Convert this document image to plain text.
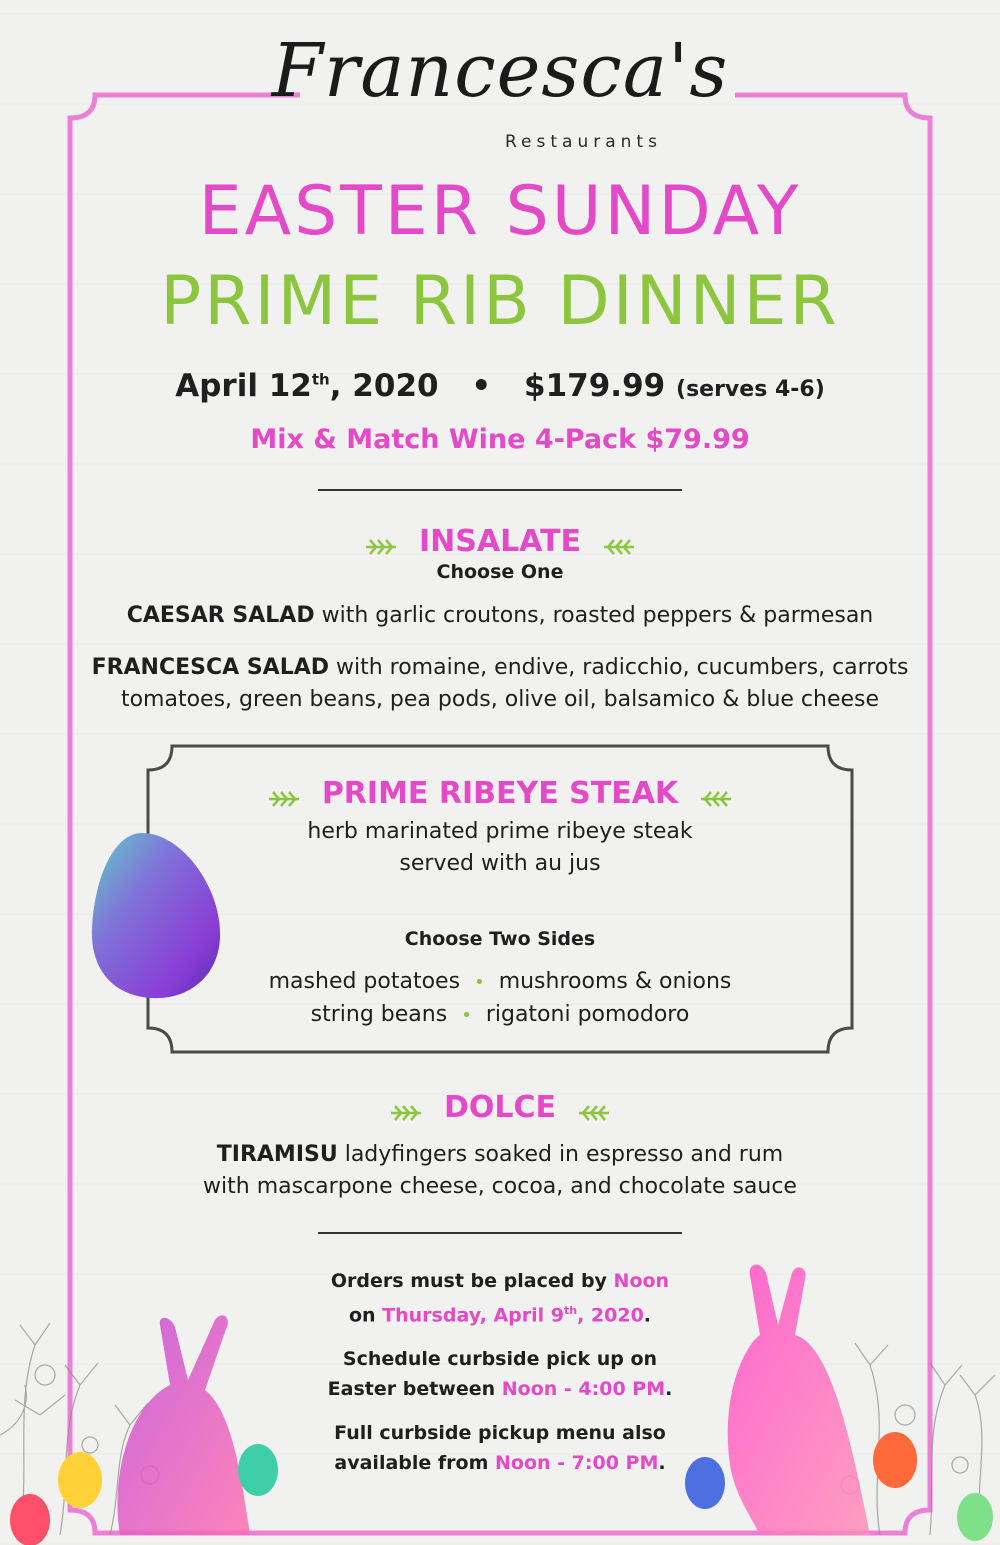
Francesca's
Restaurants
EASTER SUNDAY
PRIME RIB DINNER
April 12th, 2020 • $179.99 (serves 4-6)
Mix & Match Wine 4-Pack $79.99
INSALATE
Choose One
CAESAR SALAD with garlic croutons, roasted peppers & parmesan
FRANCESCA SALAD with romaine, endive, radicchio, cucumbers, carrots
tomatoes, green beans, pea pods, olive oil, balsamico & blue cheese
PRIME RIBEYE STEAK
herb marinated prime ribeye steak
served with au jus
Choose Two Sides
mashed potatoes • mushrooms & onions
string beans • rigatoni pomodoro
DOLCE
TIRAMISU ladyfingers soaked in espresso and rum
with mascarpone cheese, cocoa, and chocolate sauce
Orders must be placed by Noon
on Thursday, April 9th, 2020.
Schedule curbside pick up on
Easter between Noon - 4:00 PM.
Full curbside pickup menu also
available from Noon - 7:00 PM.
